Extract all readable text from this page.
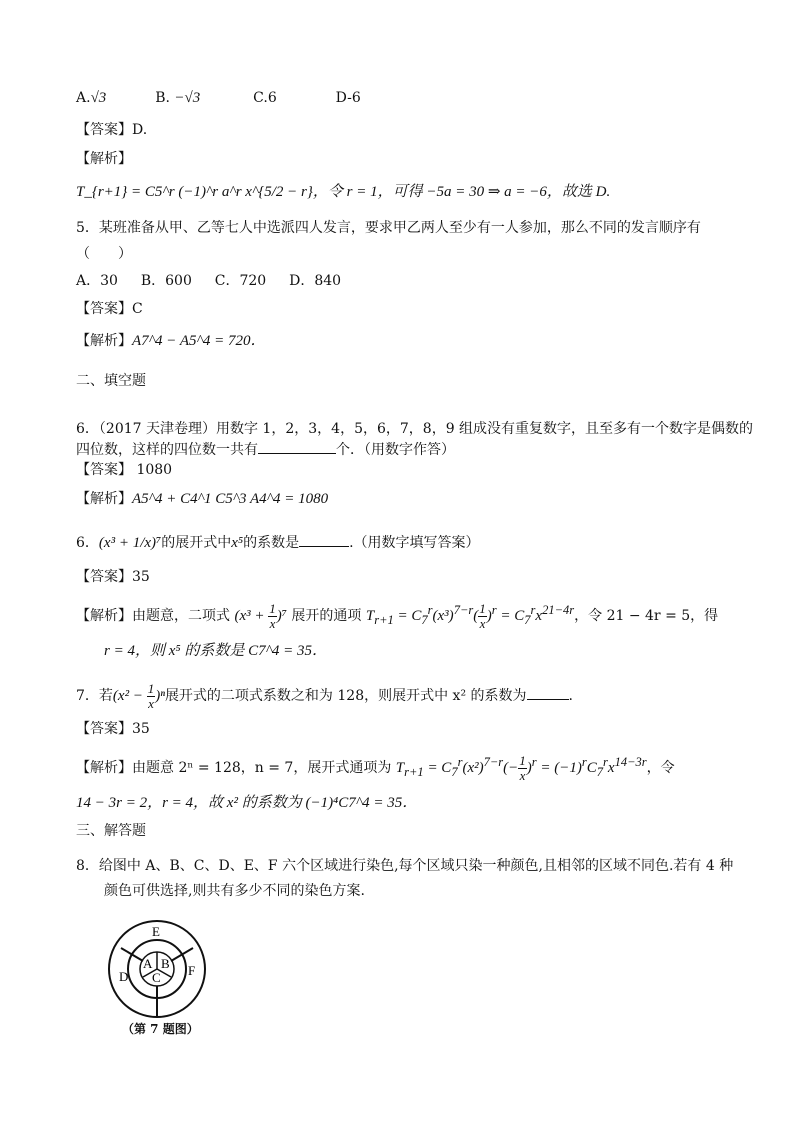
A.√3	B. −√3	C.6	D-6
【答案】D.
【解析】
T_{r+1} = C5^r (−1)^r a^r x^{5/2 − r}，令 r = 1，可得 −5a = 30 ⇒ a = −6，故选 D.
5．某班准备从甲、乙等七人中选派四人发言，要求甲乙两人至少有一人参加，那么不同的发言顺序有
（　　）
A．30 B．600 C．720 D．840
【答案】C
【解析】A7^4 − A5^4 = 720．
二、填空题
6．（2017 天津卷理）用数字 1，2，3，4，5，6，7，8，9 组成没有重复数字，且至多有一个数字是偶数的
四位数，这样的四位数一共有	个．（用数字作答）
【答案】 1080
【解析】A5^4 + C4^1 C5^3 A4^4 = 1080
6．(x³ + 1/x)⁷的展开式中x⁵的系数是	.（用数字填写答案）
【答案】35
【解析】由题意，二项式 $(x^3 + \frac{1}{x} )^7$ 展开的通项 $T_{r+1} = C_7^r(x^3)^{7-r}( \frac{1}{x} )^r = C_7^rx^{21-4r}$，令 21 − 4r = 5，得
r = 4，则 x⁵ 的系数是 C7^4 = 35．
7．若$(x^2 - \frac{1}{x} )^n$展开式的二项式系数之和为 128，则展开式中 x² 的系数为	.
【答案】35
【解析】由题意 2ⁿ = 128，n = 7，展开式通项为 $T_{r+1} = C_7^r(x^2)^{7-r}(- \frac{1}{x} )^r = (-1)^rC_7^rx^{14-3r}$，令
14 − 3r = 2，r = 4，故 x² 的系数为 (−1)⁴C7^4 = 35．
三、解答题
8．给图中 A、B、C、D、E、F 六个区域进行染色,每个区域只染一种颜色,且相邻的区域不同色.若有 4 种
颜色可供选择,则共有多少不同的染色方案.
E
A B
C
D	F
（第 7 题图）
